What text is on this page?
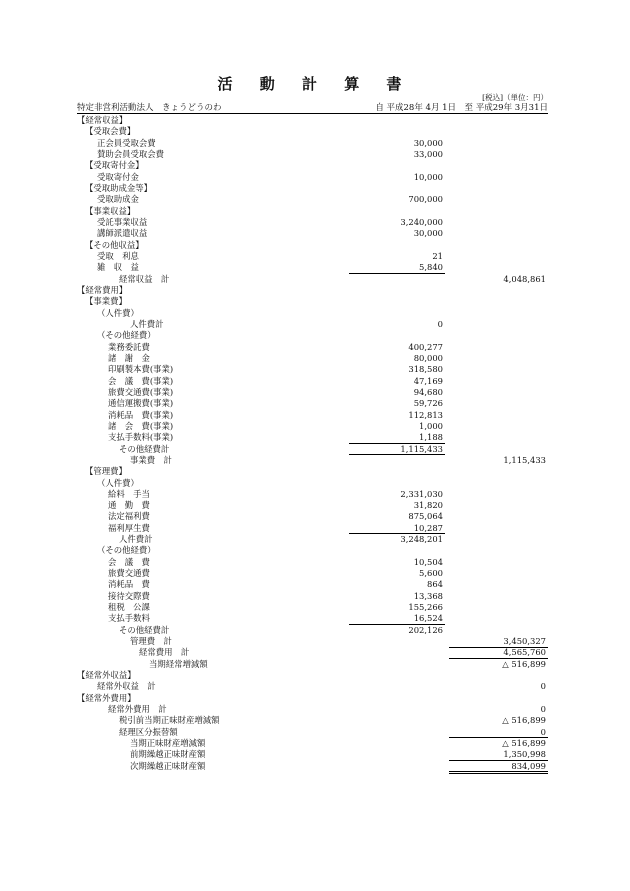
活 動 計 算 書
[税込]（単位：円）
特定非営利活動法人　きょうどうのわ	自 平成28年 4月 1日　至 平成29年 3月31日
【経常収益】
【受取会費】
正会員受取会費	30,000
賛助会員受取会費	33,000
【受取寄付金】
受取寄付金	10,000
【受取助成金等】
受取助成金	700,000
【事業収益】
受託事業収益	3,240,000
講師派遣収益	30,000
【その他収益】
受取　利息	21
雑　収　益	5,840
経常収益　計	4,048,861
【経常費用】
【事業費】
（人件費）
人件費計	0
（その他経費）
業務委託費	400,277
諸　謝　金	80,000
印刷製本費(事業)	318,580
会　議　費(事業)	47,169
旅費交通費(事業)	94,680
通信運搬費(事業)	59,726
消耗品　費(事業)	112,813
諸　会　費(事業)	1,000
支払手数料(事業)	1,188
その他経費計	1,115,433
事業費　計	1,115,433
【管理費】
（人件費）
給料　手当	2,331,030
通　勤　費	31,820
法定福利費	875,064
福利厚生費	10,287
人件費計	3,248,201
（その他経費）
会　議　費	10,504
旅費交通費	5,600
消耗品　費	864
接待交際費	13,368
租税　公課	155,266
支払手数料	16,524
その他経費計	202,126
管理費　計	3,450,327
経常費用　計	4,565,760
当期経常増減額	△ 516,899
【経常外収益】
経常外収益　計	0
【経常外費用】
経常外費用　計	0
税引前当期正味財産増減額	△ 516,899
経理区分振替額	0
当期正味財産増減額	△ 516,899
前期繰越正味財産額	1,350,998
次期繰越正味財産額	834,099
